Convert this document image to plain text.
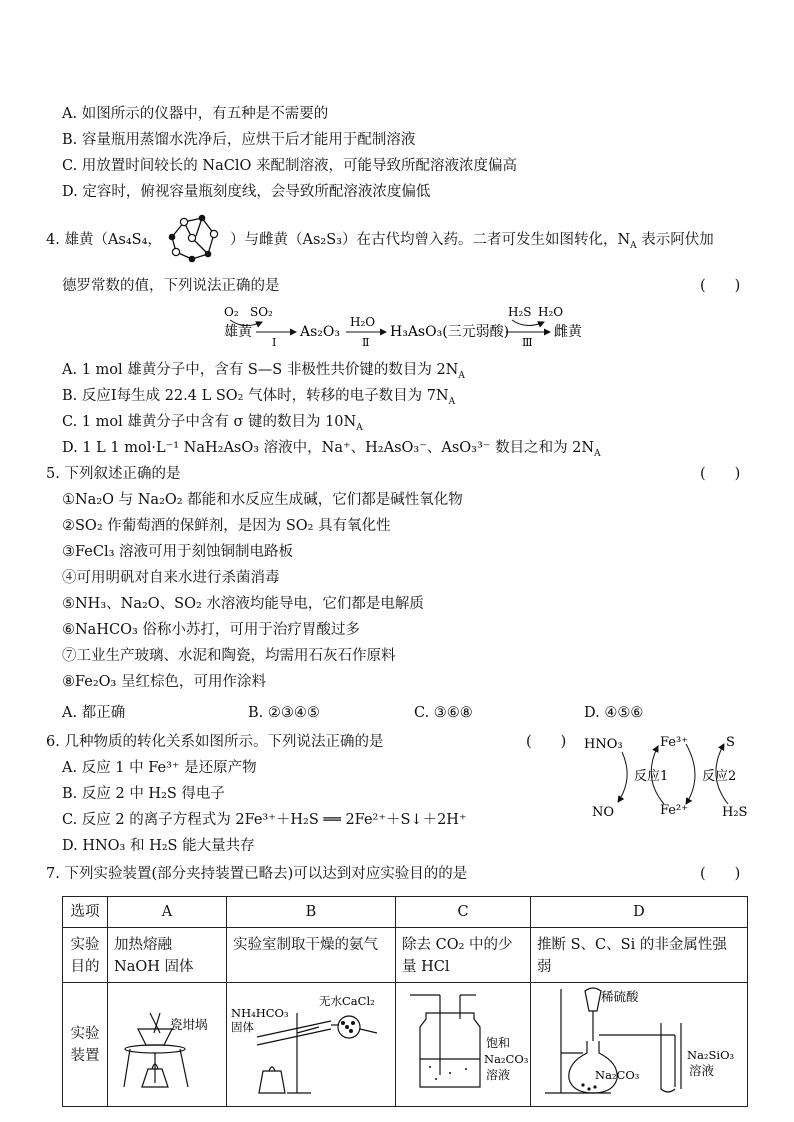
A. 如图所示的仪器中，有五种是不需要的
B. 容量瓶用蒸馏水洗净后，应烘干后才能用于配制溶液
C. 用放置时间较长的 NaClO 来配制溶液，可能导致所配溶液浓度偏高
D. 定容时，俯视容量瓶刻度线，会导致所配溶液浓度偏低
4. 雄黄（As₄S₄，	）与雌黄（As₂S₃）在古代均曾入药。二者可发生如图转化，$N_A$ 表示阿伏加
德罗常数的值，下列说法正确的是	(　　)
雄黄
O₂ SO₂
Ⅰ
As₂O₃
H₂O
Ⅱ
H₃AsO₃(三元弱酸)
H₂S H₂O
Ⅲ
雌黄
A. 1 mol 雄黄分子中，含有 S—S 非极性共价键的数目为 $2N_A$
B. 反应Ⅰ每生成 22.4 L SO₂ 气体时，转移的电子数目为 $7N_A$
C. 1 mol 雄黄分子中含有 σ 键的数目为 $10N_A$
D. 1 L 1 mol·L⁻¹ NaH₂AsO₃ 溶液中，Na⁺、H₂AsO₃⁻、AsO₃³⁻ 数目之和为 $2N_A$
5. 下列叙述正确的是	(　　)
①Na₂O 与 Na₂O₂ 都能和水反应生成碱，它们都是碱性氧化物
②SO₂ 作葡萄酒的保鲜剂，是因为 SO₂ 具有氧化性
③FeCl₃ 溶液可用于刻蚀铜制电路板
④可用明矾对自来水进行杀菌消毒
⑤NH₃、Na₂O、SO₂ 水溶液均能导电，它们都是电解质
⑥NaHCO₃ 俗称小苏打，可用于治疗胃酸过多
⑦工业生产玻璃、水泥和陶瓷，均需用石灰石作原料
⑧Fe₂O₃ 呈红棕色，可用作涂料
A. 都正确	B. ②③④⑤	C. ③⑥⑧	D. ④⑤⑥
6. 几种物质的转化关系如图所示。下列说法正确的是	(　　)
A. 反应 1 中 Fe³⁺ 是还原产物
B. 反应 2 中 H₂S 得电子
C. 反应 2 的离子方程式为 2Fe³⁺＋H₂S ══ 2Fe²⁺＋S↓＋2H⁺
D. HNO₃ 和 H₂S 能大量共存
HNO₃
NO
Fe³⁺
Fe²⁺
S
H₂S
反应1	反应2
7. 下列实验装置(部分夹持装置已略去)可以达到对应实验目的的是	(　　)
选项	A	B	C	D
实验目的	加热熔融 NaOH 固体	实验室制取干燥的氨气	除去 CO₂ 中的少量 HCl	推断 S、C、Si 的非金属性强弱
实验装置	瓷坩埚	NH₄HCO₃
固体
无水CaCl₂	饱和
Na₂CO₃
溶液	稀硫酸
Na₂CO₃
Na₂SiO₃
溶液
